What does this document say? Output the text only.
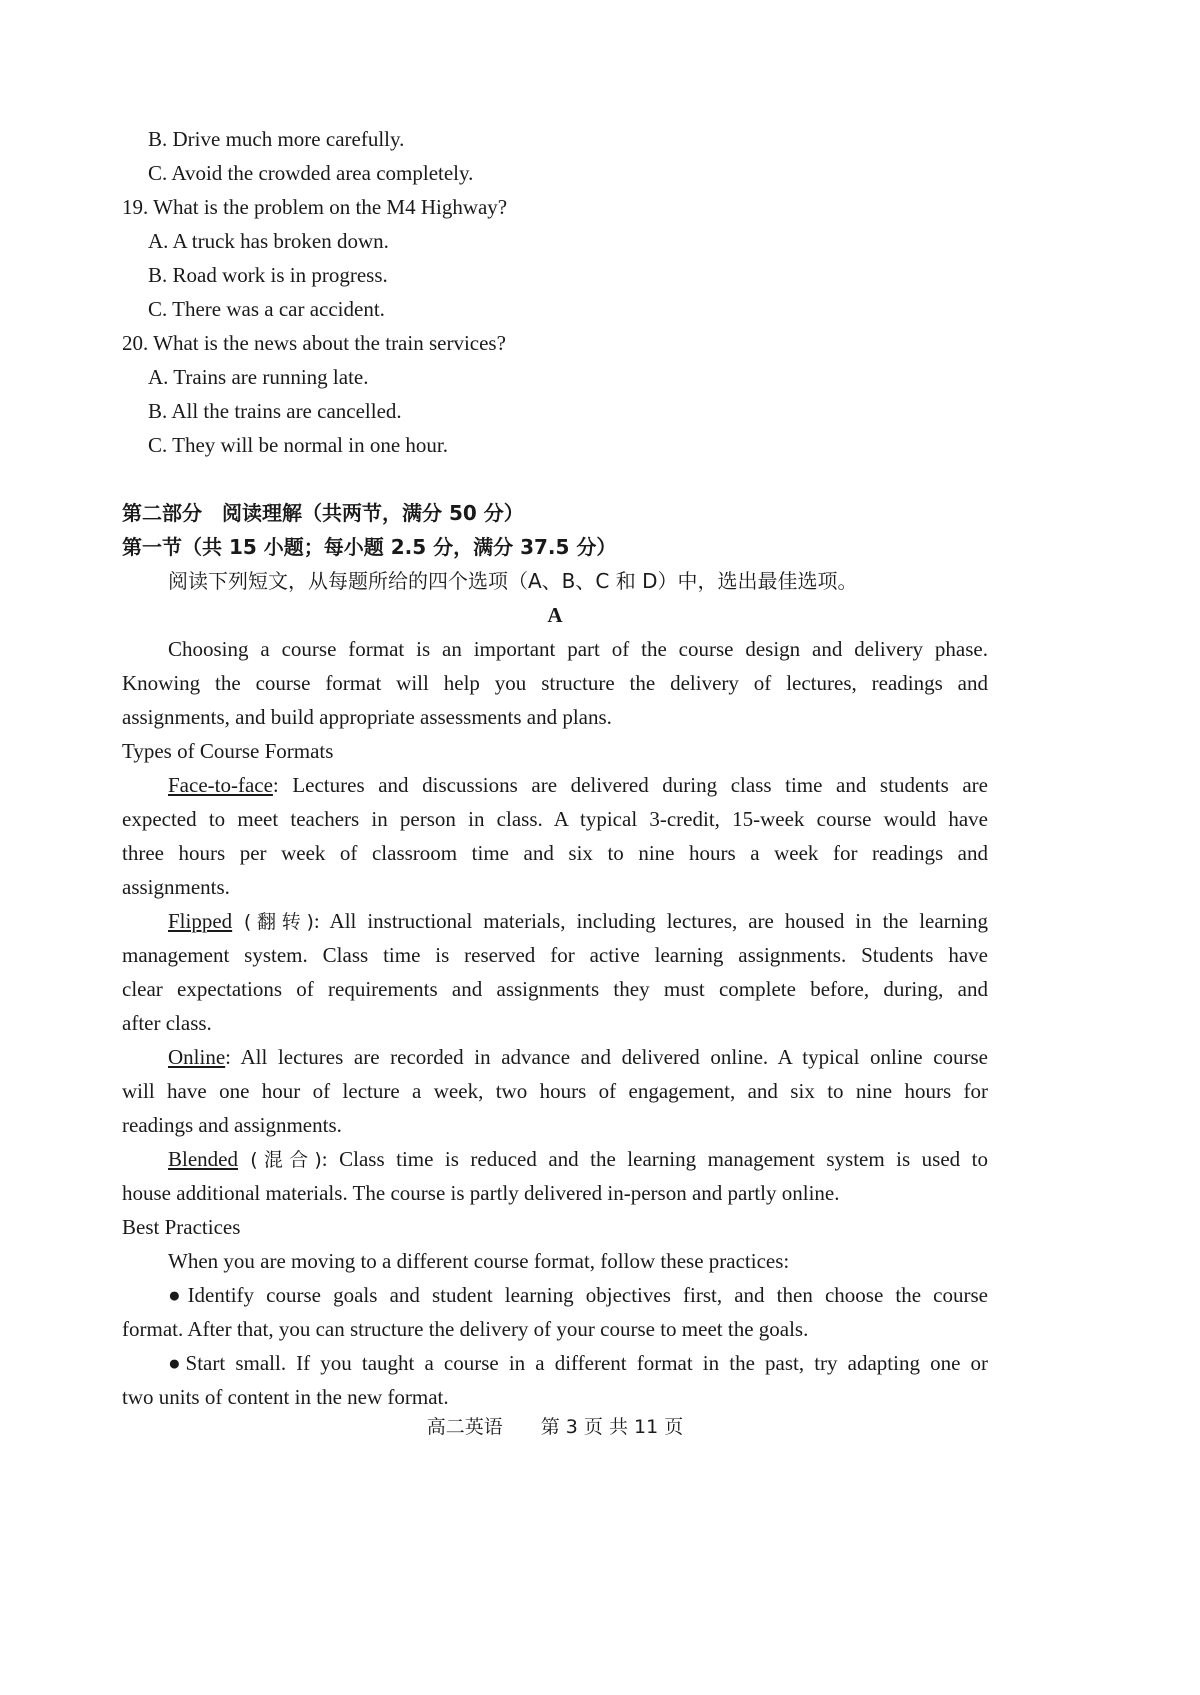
B. Drive much more carefully.
C. Avoid the crowded area completely.
19. What is the problem on the M4 Highway?
A. A truck has broken down.
B. Road work is in progress.
C. There was a car accident.
20. What is the news about the train services?
A. Trains are running late.
B. All the trains are cancelled.
C. They will be normal in one hour.
第二部分　阅读理解（共两节，满分 50 分）
第一节（共 15 小题；每小题 2.5 分，满分 37.5 分）
阅读下列短文，从每题所给的四个选项（A、B、C 和 D）中，选出最佳选项。
A
Choosing a course format is an important part of the course design and delivery phase.
Knowing the course format will help you structure the delivery of lectures, readings and
assignments, and build appropriate assessments and plans.
Types of Course Formats
Face-to-face: Lectures and discussions are delivered during class time and students are
expected to meet teachers in person in class. A typical 3-credit, 15-week course would have
three hours per week of classroom time and six to nine hours a week for readings and
assignments.
Flipped (翻转): All instructional materials, including lectures, are housed in the learning
management system. Class time is reserved for active learning assignments. Students have
clear expectations of requirements and assignments they must complete before, during, and
after class.
Online: All lectures are recorded in advance and delivered online. A typical online course
will have one hour of lecture a week, two hours of engagement, and six to nine hours for
readings and assignments.
Blended (混合): Class time is reduced and the learning management system is used to
house additional materials. The course is partly delivered in-person and partly online.
Best Practices
When you are moving to a different course format, follow these practices:
●Identify course goals and student learning objectives first, and then choose the course
format. After that, you can structure the delivery of your course to meet the goals.
●Start small. If you taught a course in a different format in the past, try adapting one or
two units of content in the new format.
高二英语　　第 3 页 共 11 页
